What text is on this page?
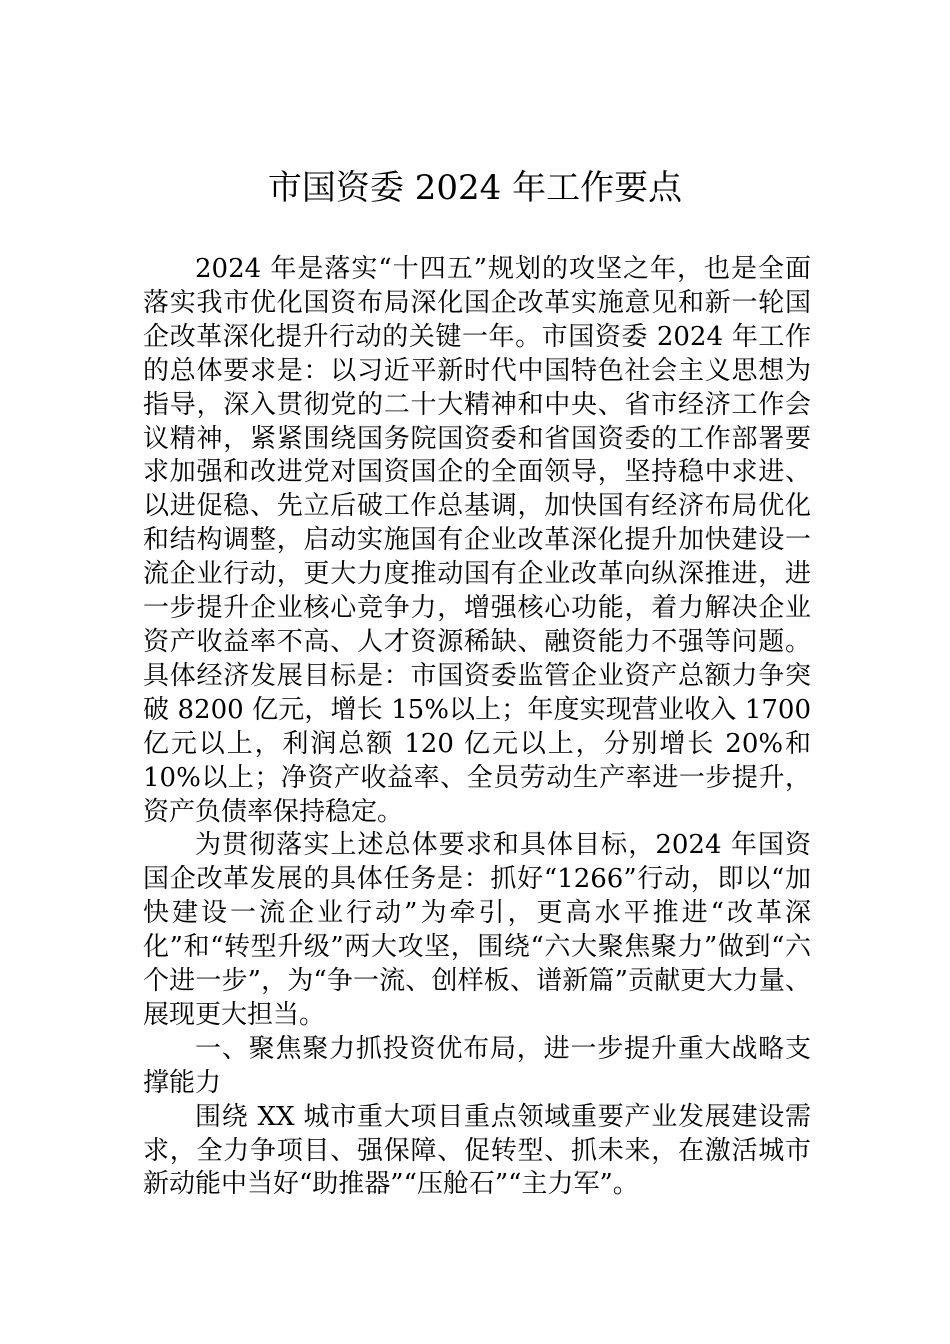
市国资委 2024 年工作要点

2024 年是落实“十四五”规划的攻坚之年，也是全面落实我市优化国资布局深化国企改革实施意见和新一轮国企改革深化提升行动的关键一年。市国资委 2024 年工作的总体要求是：以习近平新时代中国特色社会主义思想为指导，深入贯彻党的二十大精神和中央、省市经济工作会议精神，紧紧围绕国务院国资委和省国资委的工作部署要求加强和改进党对国资国企的全面领导，坚持稳中求进、以进促稳、先立后破工作总基调，加快国有经济布局优化和结构调整，启动实施国有企业改革深化提升加快建设一流企业行动，更大力度推动国有企业改革向纵深推进，进一步提升企业核心竞争力，增强核心功能，着力解决企业资产收益率不高、人才资源稀缺、融资能力不强等问题。具体经济发展目标是：市国资委监管企业资产总额力争突破 8200 亿元，增长 15%以上；年度实现营业收入 1700 亿元以上，利润总额 120 亿元以上，分别增长 20%和 10%以上；净资产收益率、全员劳动生产率进一步提升，资产负债率保持稳定。

为贯彻落实上述总体要求和具体目标，2024 年国资国企改革发展的具体任务是：抓好“1266”行动，即以“加快建设一流企业行动”为牵引，更高水平推进“改革深化”和“转型升级”两大攻坚，围绕“六大聚焦聚力”做到“六个进一步”，为“争一流、创样板、谱新篇”贡献更大力量、展现更大担当。

一、聚焦聚力抓投资优布局，进一步提升重大战略支撑能力

围绕 XX 城市重大项目重点领域重要产业发展建设需求，全力争项目、强保障、促转型、抓未来，在激活城市新动能中当好“助推器”“压舱石”“主力军”。
